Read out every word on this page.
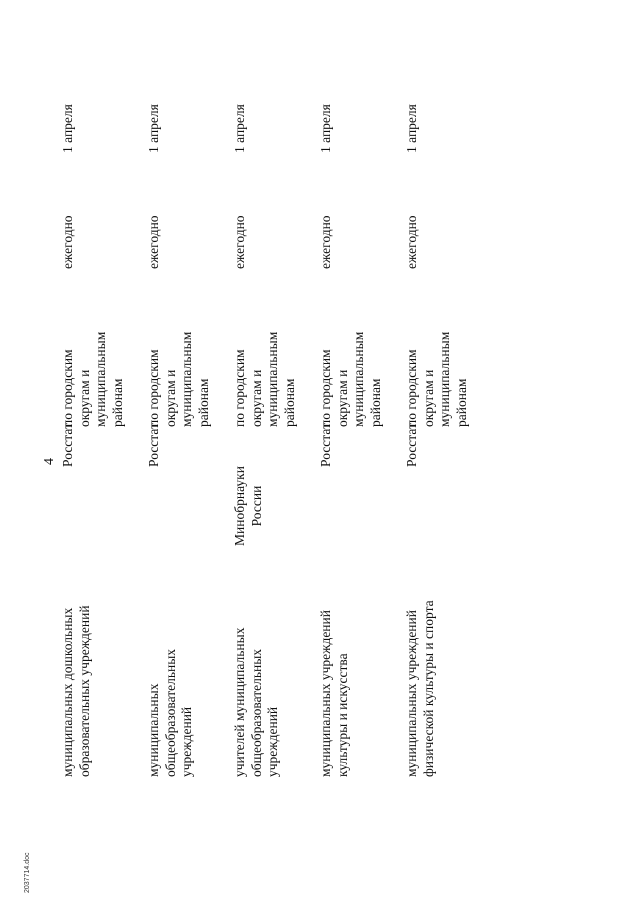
4
2037714.doc
муниципальных дошкольных образовательных учреждений
Росстат
по городским округам и муниципальным районам
ежегодно
1 апреля
муниципальных общеобразовательных учреждений
Росстат
по городским округам и муниципальным районам
ежегодно
1 апреля
учителей муниципальных общеобразовательных учреждений
Минобрнауки России
по городским округам и муниципальным районам
ежегодно
1 апреля
муниципальных учреждений культуры и искусства
Росстат
по городским округам и муниципальным районам
ежегодно
1 апреля
муниципальных учреждений физической культуры и спорта
Росстат
по городским округам и муниципальным районам
ежегодно
1 апреля
